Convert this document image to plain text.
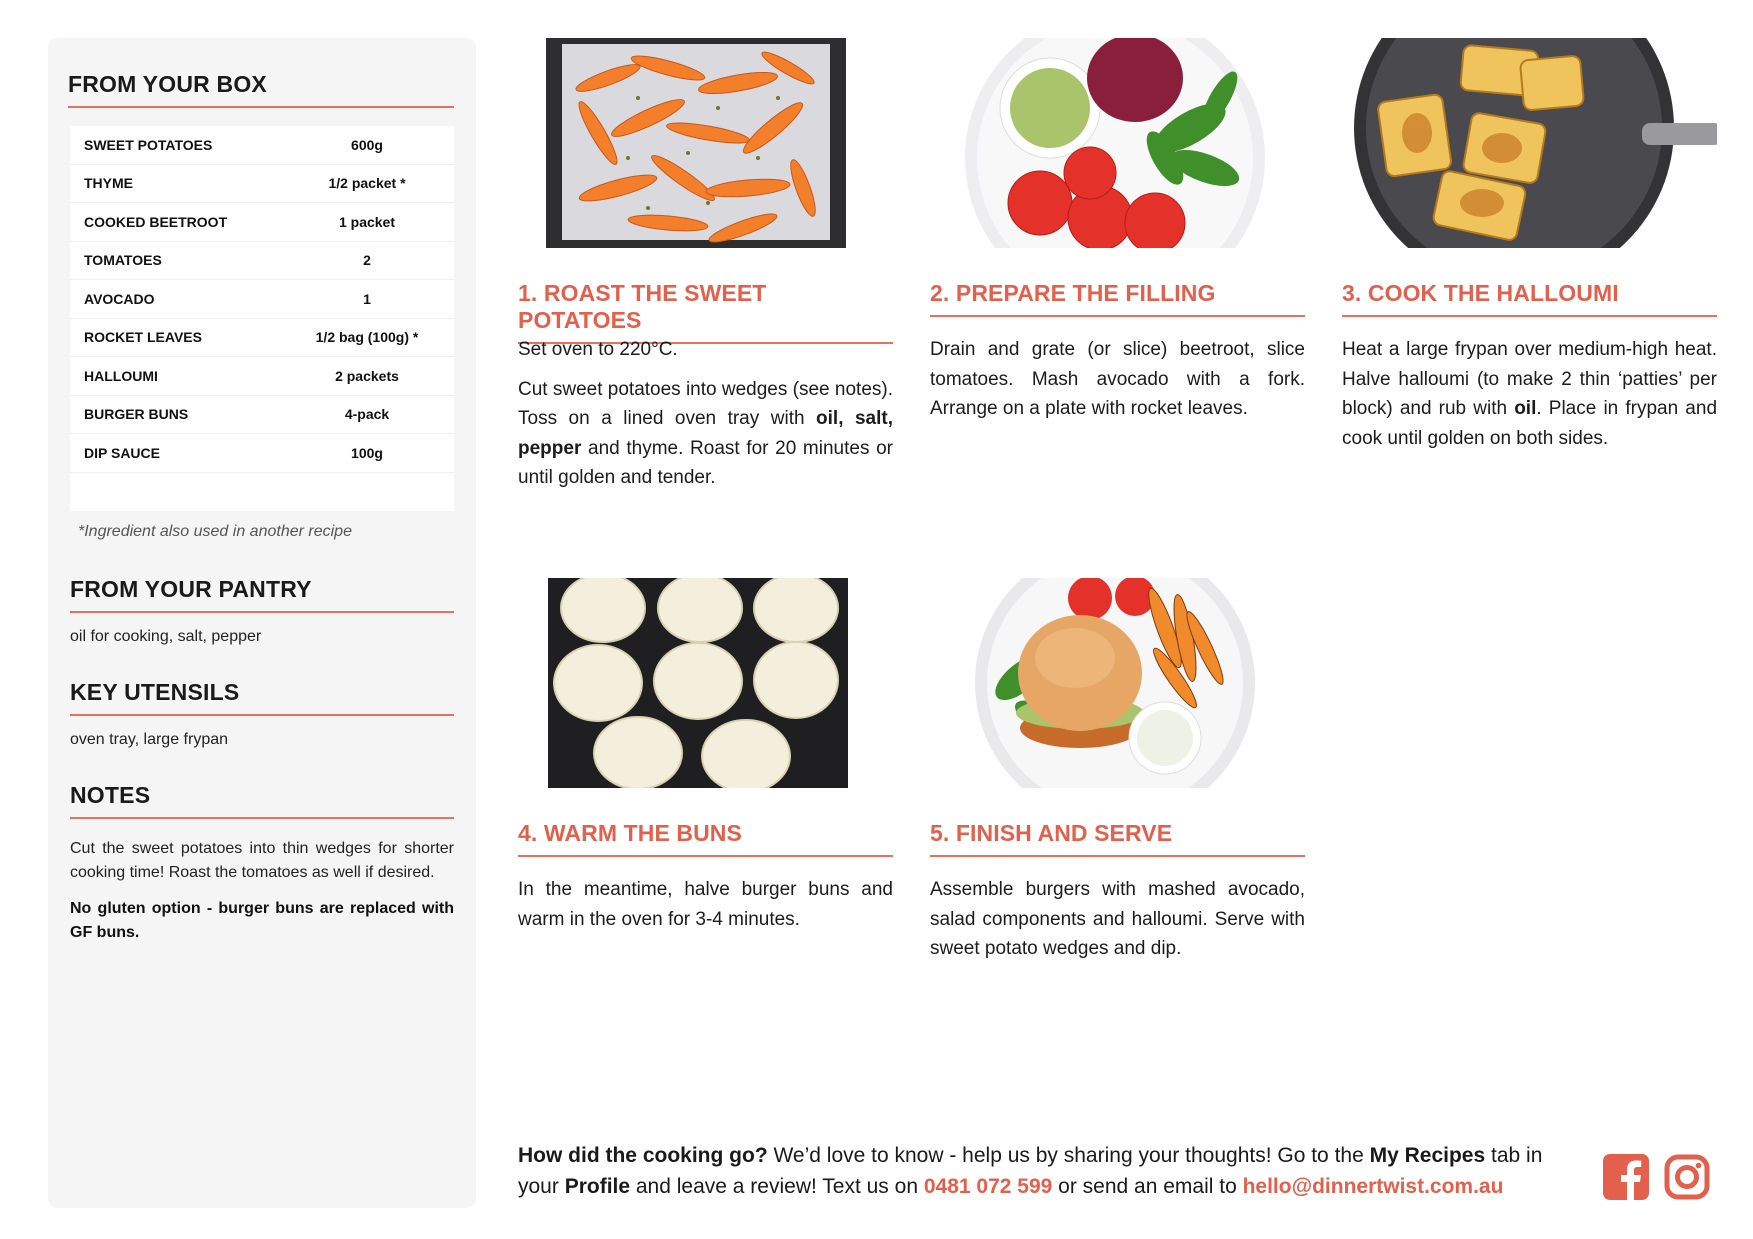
FROM YOUR BOX
SWEET POTATOES	600g
THYME	1/2 packet *
COOKED BEETROOT	1 packet
TOMATOES	2
AVOCADO	1
ROCKET LEAVES	1/2 bag (100g) *
HALLOUMI	2 packets
BURGER BUNS	4-pack
DIP SAUCE	100g
*Ingredient also used in another recipe
FROM YOUR PANTRY
oil for cooking, salt, pepper
KEY UTENSILS
oven tray, large frypan
NOTES
Cut the sweet potatoes into thin wedges for shorter cooking time! Roast the tomatoes as well if desired.
No gluten option - burger buns are replaced with GF buns.
1. ROAST THE SWEET POTATOES

Set oven to 220°C.

Cut sweet potatoes into wedges (see notes). Toss on a lined oven tray with oil, salt, pepper and thyme. Roast for 20 minutes or until golden and tender.

2. PREPARE THE FILLING

Drain and grate (or slice) beetroot, slice tomatoes. Mash avocado with a fork. Arrange on a plate with rocket leaves.

3. COOK THE HALLOUMI

Heat a large frypan over medium-high heat. Halve halloumi (to make 2 thin ‘patties’ per block) and rub with oil. Place in frypan and cook until golden on both sides.

4. WARM THE BUNS

In the meantime, halve burger buns and warm in the oven for 3-4 minutes.

5. FINISH AND SERVE

Assemble burgers with mashed avocado, salad components and halloumi. Serve with sweet potato wedges and dip.

How did the cooking go? We’d love to know - help us by sharing your thoughts! Go to the My Recipes tab in your Profile and leave a review! Text us on 0481 072 599 or send an email to hello@dinnertwist.com.au
